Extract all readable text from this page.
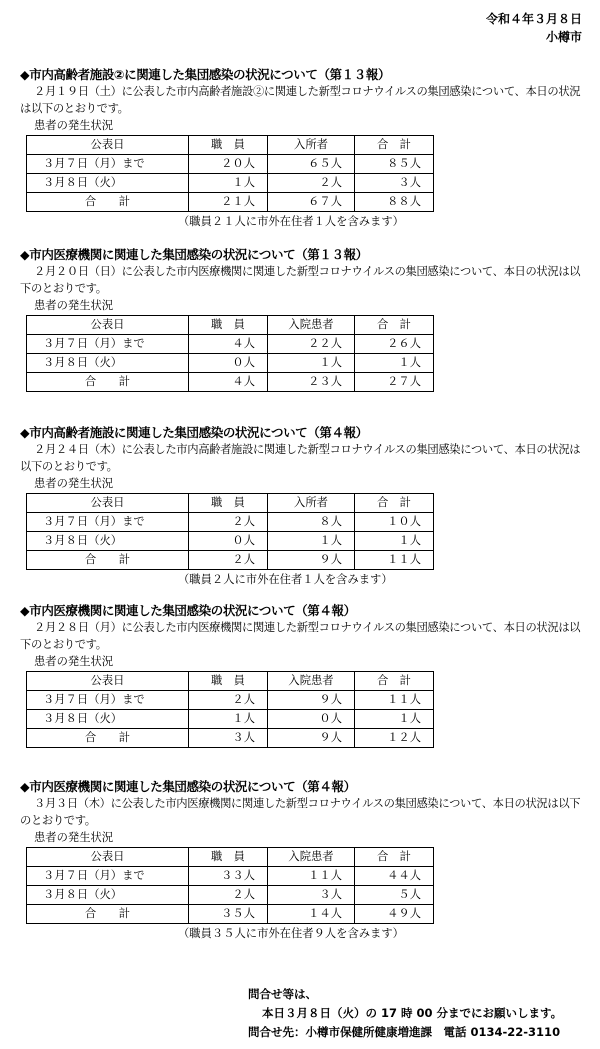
令和４年３月８日
小樽市
◆市内高齢者施設②に関連した集団感染の状況について（第１３報）
２月１９日（土）に公表した市内高齢者施設②に関連した新型コロナウイルスの集団感染について、本日の状況は以下のとおりです。
患者の発生状況
公表日	職　員	入所者	合　計
３月７日（月）まで	２０人	６５人	８５人
３月８日（火）	１人	２人	３人
合　　計	２１人	６７人	８８人
（職員２１人に市外在住者１人を含みます）
◆市内医療機関に関連した集団感染の状況について（第１３報）
２月２０日（日）に公表した市内医療機関に関連した新型コロナウイルスの集団感染について、本日の状況は以下のとおりです。
患者の発生状況
公表日	職　員	入院患者	合　計
３月７日（月）まで	４人	２２人	２６人
３月８日（火）	０人	１人	１人
合　　計	４人	２３人	２７人
◆市内高齢者施設に関連した集団感染の状況について（第４報）
２月２４日（木）に公表した市内高齢者施設に関連した新型コロナウイルスの集団感染について、本日の状況は以下のとおりです。
患者の発生状況
公表日	職　員	入所者	合　計
３月７日（月）まで	２人	８人	１０人
３月８日（火）	０人	１人	１人
合　　計	２人	９人	１１人
（職員２人に市外在住者１人を含みます）
◆市内医療機関に関連した集団感染の状況について（第４報）
２月２８日（月）に公表した市内医療機関に関連した新型コロナウイルスの集団感染について、本日の状況は以下のとおりです。
患者の発生状況
公表日	職　員	入院患者	合　計
３月７日（月）まで	２人	９人	１１人
３月８日（火）	１人	０人	１人
合　　計	３人	９人	１２人
◆市内医療機関に関連した集団感染の状況について（第４報）
３月３日（木）に公表した市内医療機関に関連した新型コロナウイルスの集団感染について、本日の状況は以下のとおりです。
患者の発生状況
公表日	職　員	入院患者	合　計
３月７日（月）まで	３３人	１１人	４４人
３月８日（火）	２人	３人	５人
合　　計	３５人	１４人	４９人
（職員３５人に市外在住者９人を含みます）
問合せ等は、
本日３月８日（火）の 17 時 00 分までにお願いします。
問合せ先：小樽市保健所健康増進課　電話 0134-22-3110
